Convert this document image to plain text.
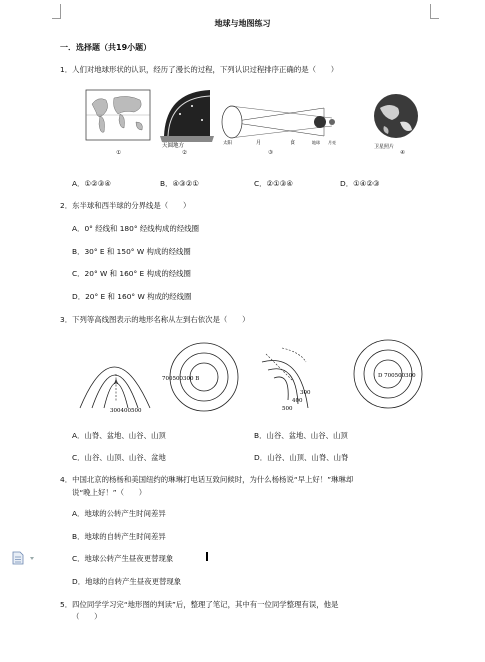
地球与地图练习
一．选择题（共19小题）
1．人们对地球形状的认识，经历了漫长的过程，下列认识过程排序正确的是（　　）
天圆地方	太阳	月	食	地球 月亮
卫星照片
①	②	③	④
A．①②③④	B．④③②①	C．②①③④	D．①④②③
2．东半球和西半球的分界线是（　　）
A．0° 经线和 180° 经线构成的经线圈
B．30° E 和 150° W 构成的经线圈
C．20° W 和 160° E 构成的经线圈
D．20° E 和 160° W 构成的经线圈
3．下列等高线图表示的地形名称从左到右依次是（　　）
A
300400500
700500300 B
300
400
500
D 700500300
A．山脊、盆地、山谷、山顶	B．山谷、盆地、山谷、山顶
C．山谷、山顶、山谷、盆地	D．山谷、山顶、山脊、山脊
4．中国北京的杨杨和美国纽约的琳琳打电话互致问候时，为什么杨杨说“早上好！”琳琳却
说“晚上好！”（　　）
A．地球的公转产生时间差异
B．地球的自转产生时间差异
C．地球公转产生昼夜更替现象
D．地球的自转产生昼夜更替现象
5．四位同学学习完“地形图的判读”后，整理了笔记，其中有一位同学整理有误，他是
（　　）
